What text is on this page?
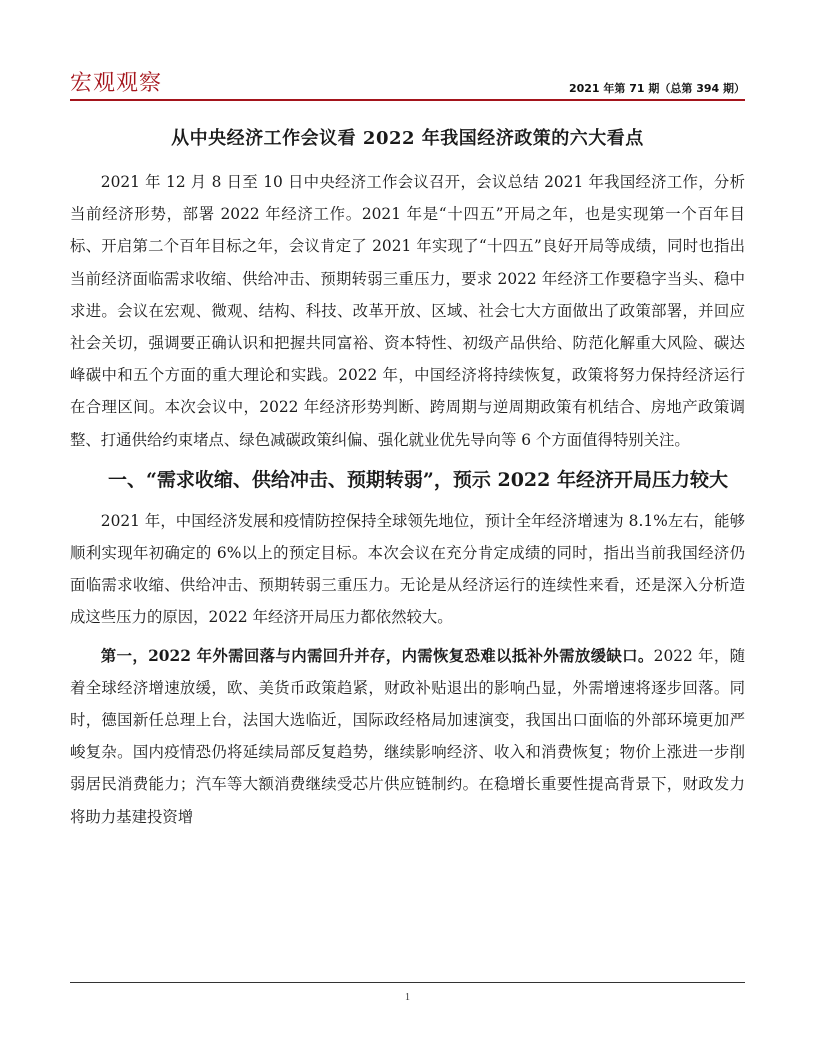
宏观观察	2021 年第 71 期（总第 394 期）
从中央经济工作会议看 2022 年我国经济政策的六大看点

2021 年 12 月 8 日至 10 日中央经济工作会议召开，会议总结 2021 年我国经济工作，分析当前经济形势，部署 2022 年经济工作。2021 年是“十四五”开局之年，也是实现第一个百年目标、开启第二个百年目标之年，会议肯定了 2021 年实现了“十四五”良好开局等成绩，同时也指出当前经济面临需求收缩、供给冲击、预期转弱三重压力，要求 2022 年经济工作要稳字当头、稳中求进。会议在宏观、微观、结构、科技、改革开放、区域、社会七大方面做出了政策部署，并回应社会关切，强调要正确认识和把握共同富裕、资本特性、初级产品供给、防范化解重大风险、碳达峰碳中和五个方面的重大理论和实践。2022 年，中国经济将持续恢复，政策将努力保持经济运行在合理区间。本次会议中，2022 年经济形势判断、跨周期与逆周期政策有机结合、房地产政策调整、打通供给约束堵点、绿色减碳政策纠偏、强化就业优先导向等 6 个方面值得特别关注。

一、“需求收缩、供给冲击、预期转弱”，预示 2022 年经济开局压力较大

2021 年，中国经济发展和疫情防控保持全球领先地位，预计全年经济增速为 8.1%左右，能够顺利实现年初确定的 6%以上的预定目标。本次会议在充分肯定成绩的同时，指出当前我国经济仍面临需求收缩、供给冲击、预期转弱三重压力。无论是从经济运行的连续性来看，还是深入分析造成这些压力的原因，2022 年经济开局压力都依然较大。

第一，2022 年外需回落与内需回升并存，内需恢复恐难以抵补外需放缓缺口。2022 年，随着全球经济增速放缓，欧、美货币政策趋紧，财政补贴退出的影响凸显，外需增速将逐步回落。同时，德国新任总理上台，法国大选临近，国际政经格局加速演变，我国出口面临的外部环境更加严峻复杂。国内疫情恐仍将延续局部反复趋势，继续影响经济、收入和消费恢复；物价上涨进一步削弱居民消费能力；汽车等大额消费继续受芯片供应链制约。在稳增长重要性提高背景下，财政发力将助力基建投资增

1
